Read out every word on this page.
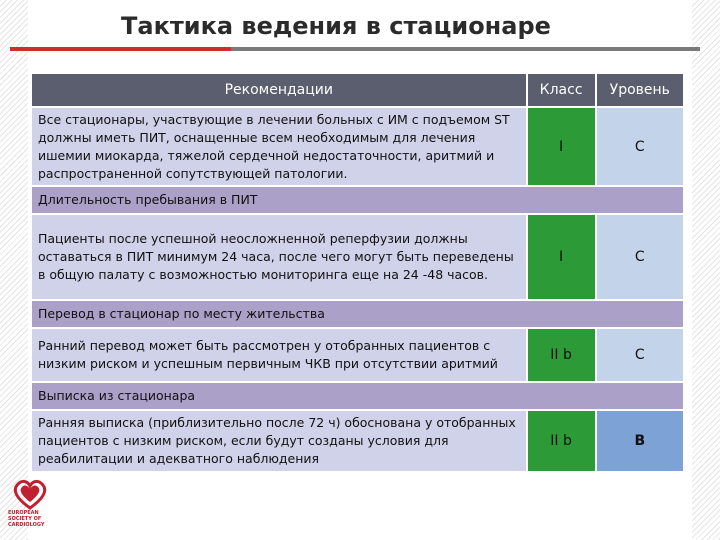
Тактика ведения в стационаре
Рекомендации	Класс	Уровень
Все стационары, участвующие в лечении больных с ИМ с подъемом ST должны иметь ПИТ, оснащенные всем необходимым для лечения ишемии миокарда, тяжелой сердечной недостаточности, аритмий и распространенной сопутствующей патологии.	I	C
Длительность пребывания в ПИТ		
Пациенты после успешной неосложненной реперфузии должны оставаться в ПИТ минимум 24 часа, после чего могут быть переведены в общую палату с возможностью мониторинга еще на 24 -48 часов.	I	C
Перевод в стационар по месту жительства		
Ранний перевод может быть рассмотрен у отобранных пациентов с низким риском и успешным первичным ЧКВ при отсутствии аритмий	II b	C
Выписка из стационара		
Ранняя выписка (приблизительно после 72 ч) обоснована у отобранных пациентов с низким риском, если будут созданы условия для реабилитации и адекватного наблюдения	II b	B
EUROPEAN SOCIETY OF CARDIOLOGY
